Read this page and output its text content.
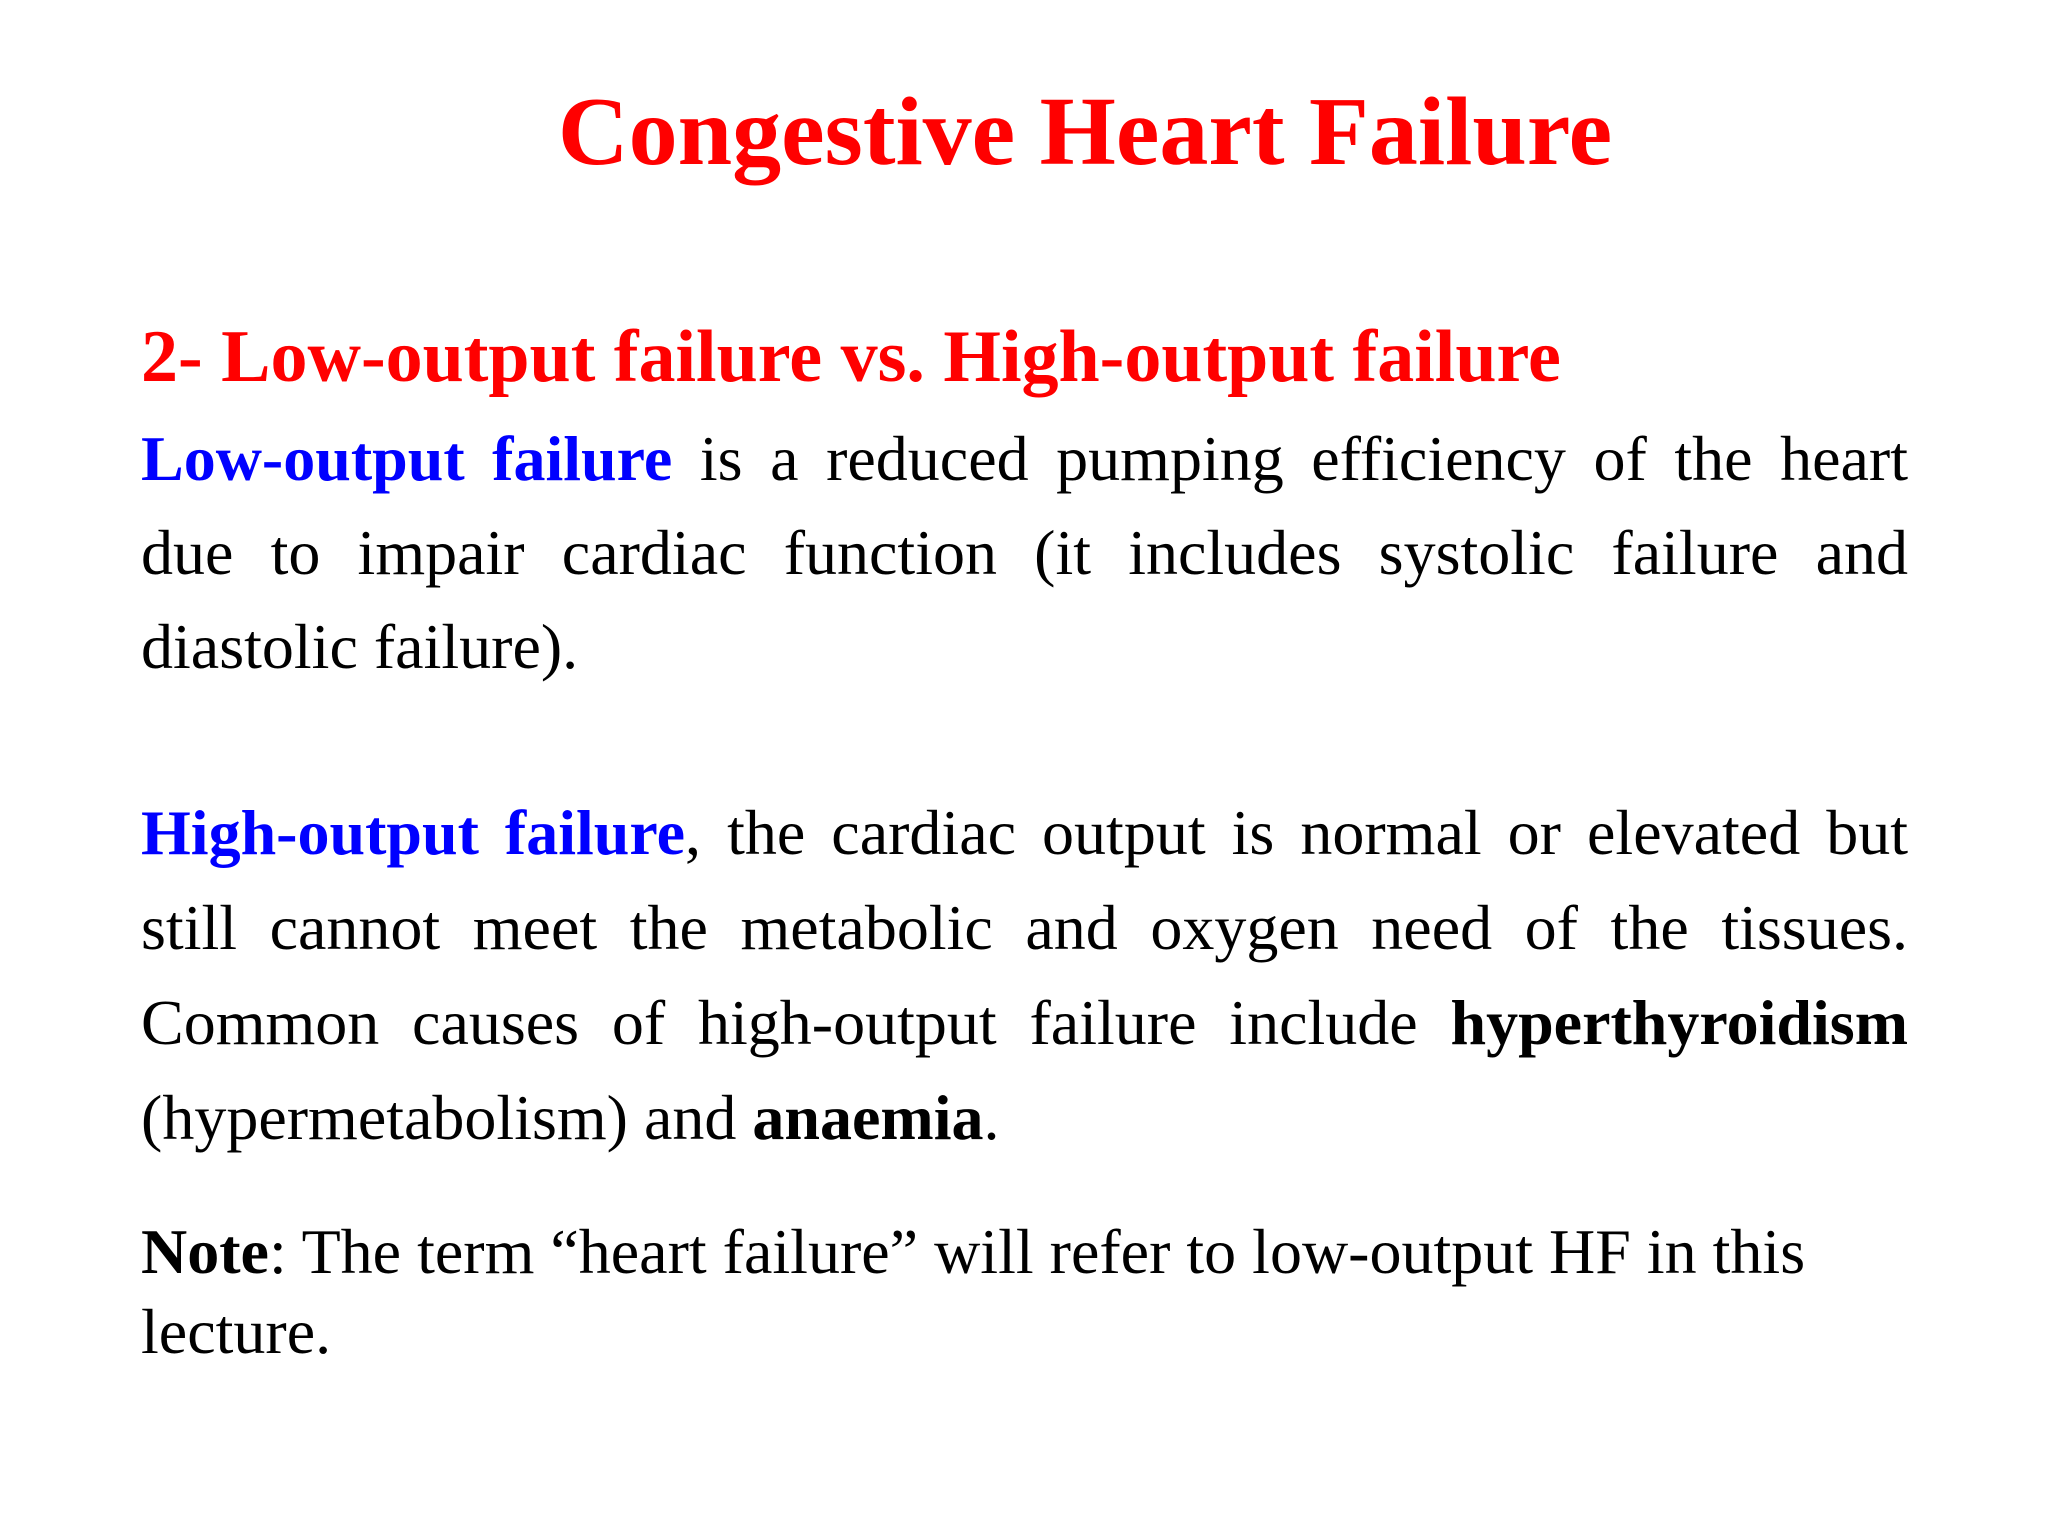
Congestive Heart Failure
2- Low-output failure vs. High-output failure
Low-output failure is a reduced pumping efficiency of the heart due to impair cardiac function (it includes systolic failure and diastolic failure).
High-output failure, the cardiac output is normal or elevated but still cannot meet the metabolic and oxygen need of the tissues. Common causes of high-output failure include hyperthyroidism (hypermetabolism) and anaemia.
Note: The term “heart failure” will refer to low-output HF in this lecture.
